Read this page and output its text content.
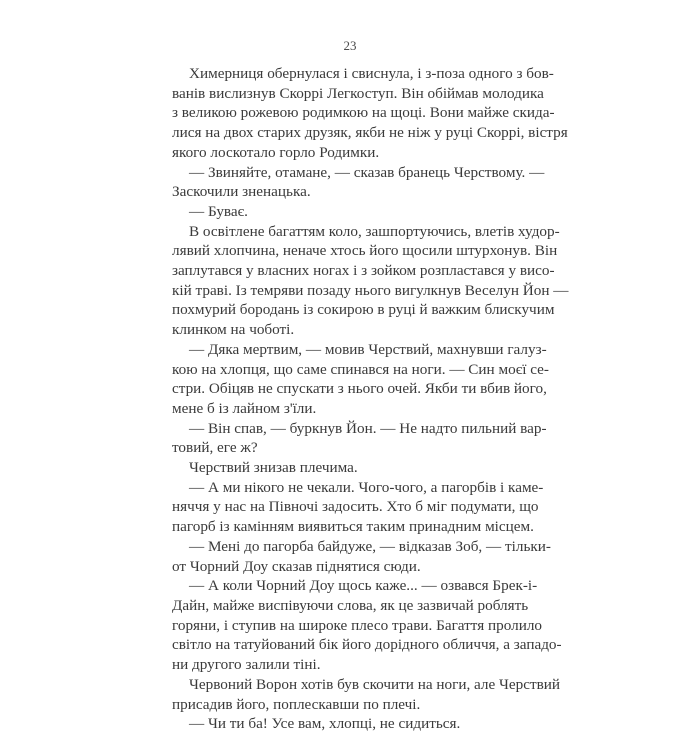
23

Химерниця обернулася і свиснула, і з-поза одного з бов-
ванів вислизнув Скоррі Легкоступ. Він обіймав молодика
з великою рожевою родимкою на щоці. Вони майже скида-
лися на двох старих друзяк, якби не ніж у руці Скоррі, вістря
якого лоскотало горло Родимки.

— Звиняйте, отамане, — сказав бранець Черствому. —
Заскочили зненацька.

— Буває.

В освітлене багаттям коло, зашпортуючись, влетів худор-
лявий хлопчина, неначе хтось його щосили штурхонув. Він
заплутався у власних ногах і з зойком розпластався у висо-
кій траві. Із темряви позаду нього вигулкнув Веселун Йон —
похмурий бородань із сокирою в руці й важким блискучим
клинком на чоботі.

— Дяка мертвим, — мовив Черствий, махнувши галуз-
кою на хлопця, що саме спинався на ноги. — Син моєї се-
стри. Обіцяв не спускати з нього очей. Якби ти вбив його,
мене б із лайном з'їли.

— Він спав, — буркнув Йон. — Не надто пильний вар-
товий, еге ж?

Черствий знизав плечима.

— А ми нікого не чекали. Чого-чого, а пагорбів і каме-
няччя у нас на Півночі задосить. Хто б міг подумати, що
пагорб із камінням виявиться таким принадним місцем.

— Мені до пагорба байдуже, — відказав Зоб, — тільки-
от Чорний Доу сказав піднятися сюди.

— А коли Чорний Доу щось каже... — озвався Брек-і-
Дайн, майже виспівуючи слова, як це зазвичай роблять
горяни, і ступив на широке плесо трави. Багаття пролило
світло на татуйований бік його дорідного обличчя, а западо-
ни другого залили тіні.

Червоний Ворон хотів був скочити на ноги, але Черствий
присадив його, поплескавши по плечі.

— Чи ти ба! Усе вам, хлопці, не сидиться.
